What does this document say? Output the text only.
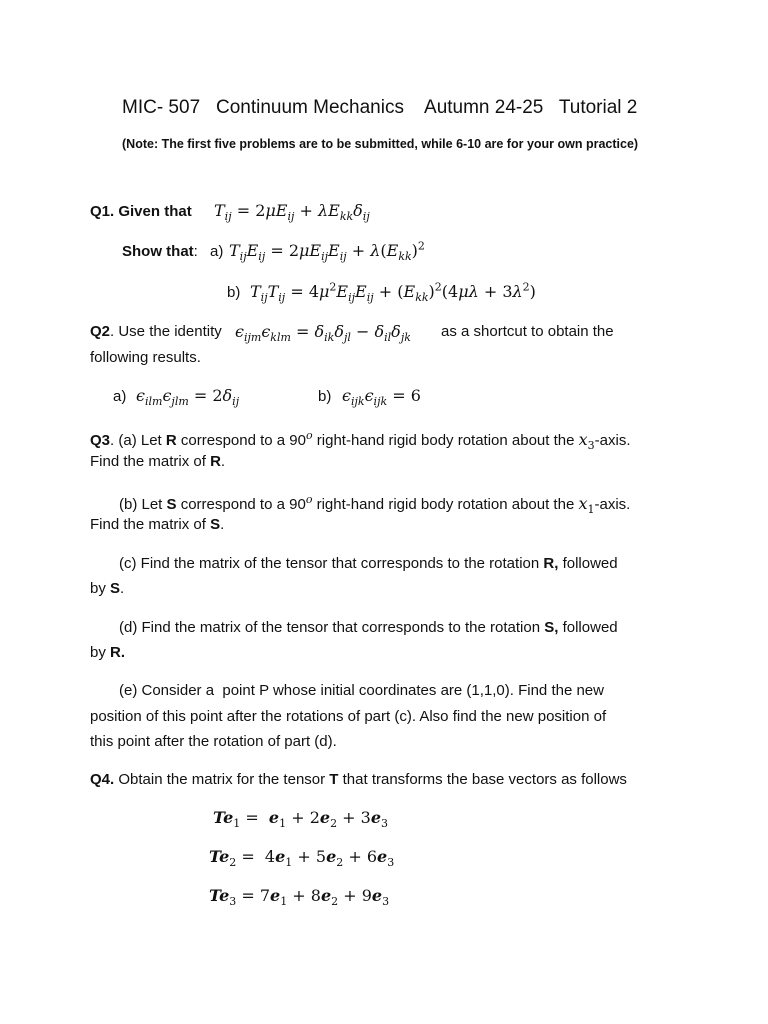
MIC- 507   Continuum Mechanics    Autumn 24-25   Tutorial 2
(Note: The first five problems are to be submitted, while 6-10 are for your own practice)
Q1. Given that $T_{ij} = 2\mu E_{ij} + \lambda E_{kk}\delta_{ij}$
Show that: a) $T_{ij}E_{ij} = 2\mu E_{ij}E_{ij} + \lambda(E_{kk})^2$
b) $T_{ij}T_{ij} = 4\mu^2E_{ij}E_{ij} + (E_{kk})^2(4\mu\lambda + 3\lambda^2)$
Q2. Use the identity $\epsilon_{ijm}\epsilon_{klm} = \delta_{ik}\delta_{jl} - \delta_{il}\delta_{jk}$ as a shortcut to obtain the
following results.
a) $\epsilon_{ilm}\epsilon_{jlm} = 2\delta_{ij}$	b) $\epsilon_{ijk}\epsilon_{ijk} = 6$
Q3. (a) Let R correspond to a 90$^o$ right-hand rigid body rotation about the $x_3$-axis.
Find the matrix of R.
(b) Let S correspond to a 90$^o$ right-hand rigid body rotation about the $x_1$-axis.
Find the matrix of S.
(c) Find the matrix of the tensor that corresponds to the rotation R, followed
by S.
(d) Find the matrix of the tensor that corresponds to the rotation S, followed
by R.
(e) Consider a  point P whose initial coordinates are (1,1,0). Find the new
position of this point after the rotations of part (c). Also find the new position of
this point after the rotation of part (d).
Q4. Obtain the matrix for the tensor T that transforms the base vectors as follows
$Te_1 = e_1 + 2e_2 + 3e_3$
$Te_2 = 4e_1 + 5e_2 + 6e_3$
$Te_3 = 7e_1 + 8e_2 + 9e_3$
